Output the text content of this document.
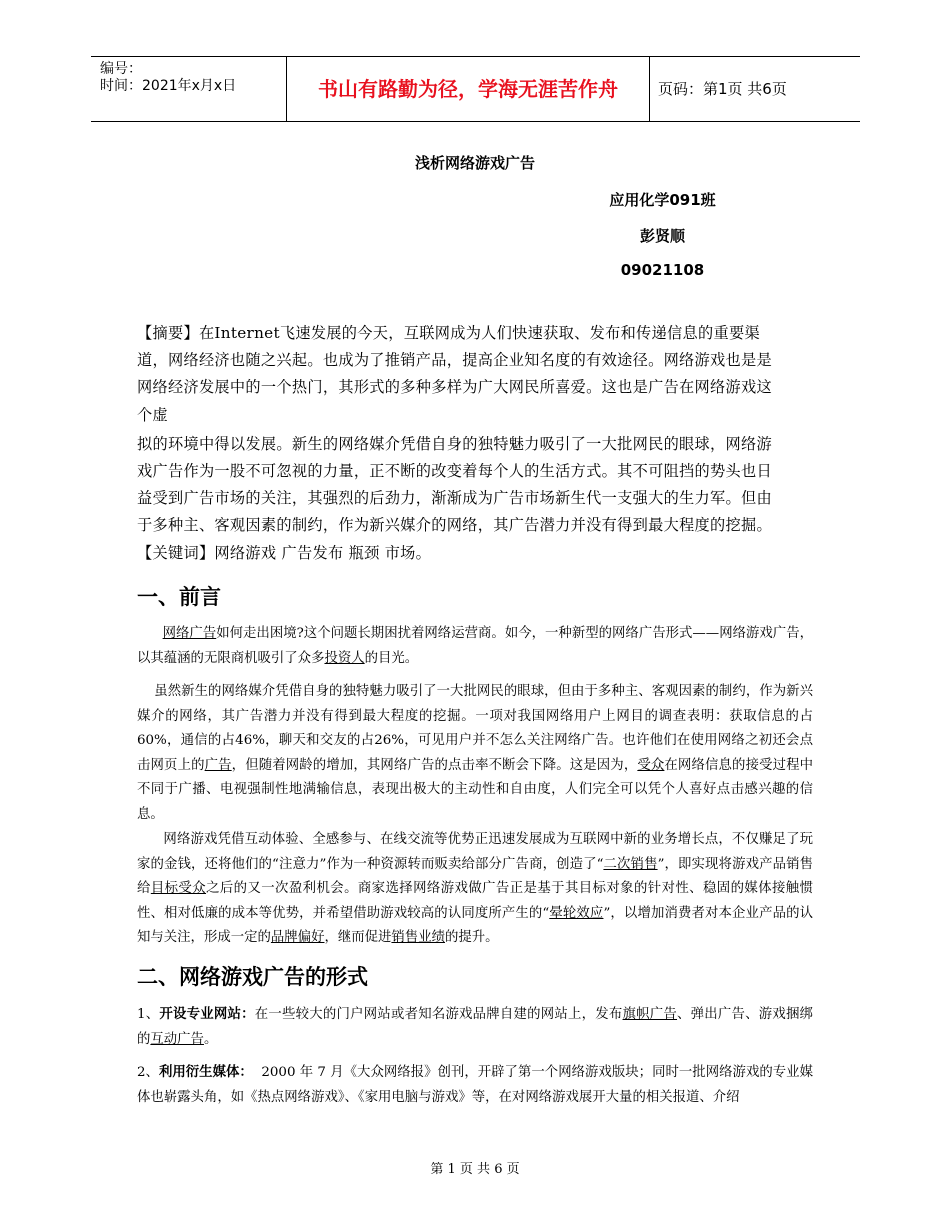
编号：
时间：2021年x月x日	书山有路勤为径，学海无涯苦作舟	页码：第1页 共6页
浅析网络游戏广告
应用化学091班
彭贤顺
09021108
【摘要】在Internet飞速发展的今天，互联网成为人们快速获取、发布和传递信息的重要渠
道，网络经济也随之兴起。也成为了推销产品，提高企业知名度的有效途径。网络游戏也是是
网络经济发展中的一个热门，其形式的多种多样为广大网民所喜爱。这也是广告在网络游戏这
个虚
拟的环境中得以发展。新生的网络媒介凭借自身的独特魅力吸引了一大批网民的眼球，网络游
戏广告作为一股不可忽视的力量，正不断的改变着每个人的生活方式。其不可阻挡的势头也日
益受到广告市场的关注，其强烈的后劲力，渐渐成为广告市场新生代一支强大的生力军。但由
于多种主、客观因素的制约，作为新兴媒介的网络，其广告潜力并没有得到最大程度的挖掘。
【关键词】网络游戏 广告发布 瓶颈 市场。
一、前言
网络广告如何走出困境?这个问题长期困扰着网络运营商。如今，一种新型的网络广告形式——网络游戏广告，以其蕴涵的无限商机吸引了众多投资人的目光。
虽然新生的网络媒介凭借自身的独特魅力吸引了一大批网民的眼球，但由于多种主、客观因素的制约，作为新兴媒介的网络，其广告潜力并没有得到最大程度的挖掘。一项对我国网络用户上网目的调查表明：获取信息的占60%，通信的占46%，聊天和交友的占26%，可见用户并不怎么关注网络广告。也许他们在使用网络之初还会点击网页上的广告，但随着网龄的增加，其网络广告的点击率不断会下降。这是因为，受众在网络信息的接受过程中不同于广播、电视强制性地满输信息，表现出极大的主动性和自由度，人们完全可以凭个人喜好点击感兴趣的信息。
网络游戏凭借互动体验、全感参与、在线交流等优势正迅速发展成为互联网中新的业务增长点，不仅赚足了玩家的金钱，还将他们的“注意力”作为一种资源转而贩卖给部分广告商，创造了“二次销售”，即实现将游戏产品销售给目标受众之后的又一次盈利机会。商家选择网络游戏做广告正是基于其目标对象的针对性、稳固的媒体接触惯性、相对低廉的成本等优势，并希望借助游戏较高的认同度所产生的“晕轮效应”，以增加消费者对本企业产品的认知与关注，形成一定的品牌偏好，继而促进销售业绩的提升。
二、网络游戏广告的形式
1、开设专业网站：在一些较大的门户网站或者知名游戏品牌自建的网站上，发布旗帜广告、弹出广告、游戏捆绑的互动广告。
2、利用衍生媒体：  2000 年 7 月《大众网络报》创刊，开辟了第一个网络游戏版块；同时一批网络游戏的专业媒体也崭露头角，如《热点网络游戏》、《家用电脑与游戏》等，在对网络游戏展开大量的相关报道、介绍
第 1 页 共 6 页
